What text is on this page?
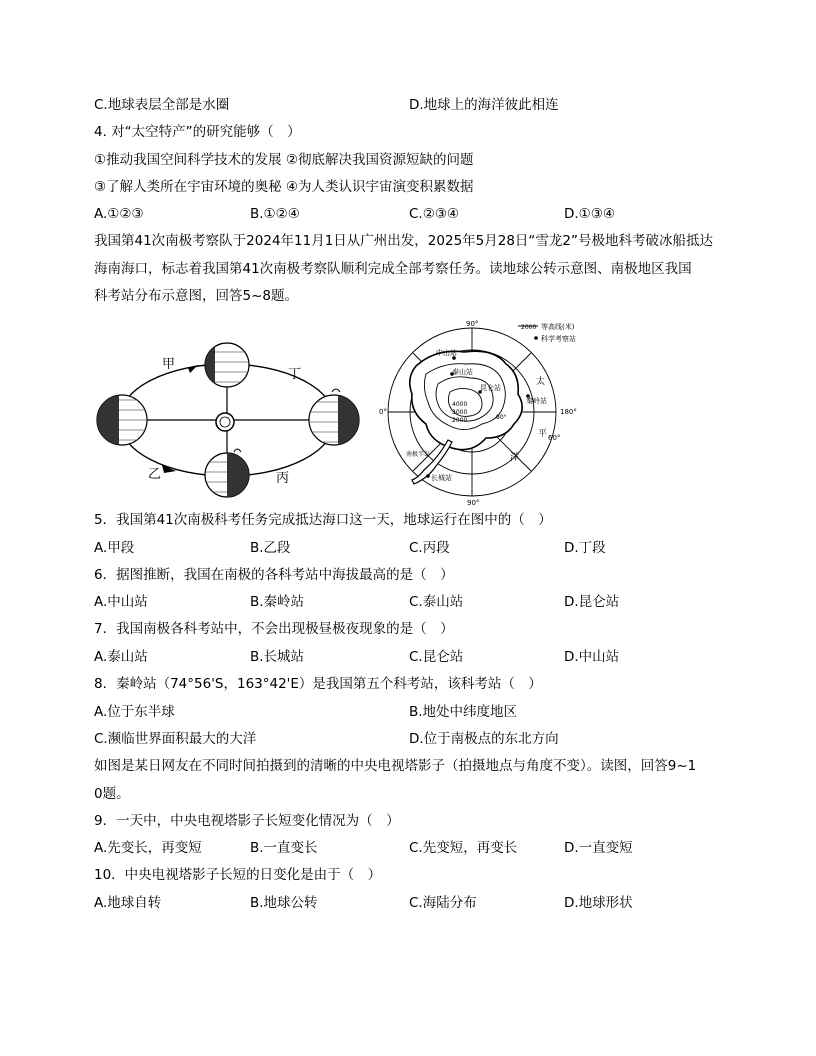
C.地球表层全部是水圈	D.地球上的海洋彼此相连
4. 对“太空特产”的研究能够（　）
①推动我国空间科学技术的发展 ②彻底解决我国资源短缺的问题
③了解人类所在宇宙环境的奥秘 ④为人类认识宇宙演变积累数据
A.①②③	B.①②④	C.②③④	D.①③④
我国第41次南极考察队于2024年11月1日从广州出发，2025年5月28日“雪龙2”号极地科考破冰船抵达
海南海口，标志着我国第41次南极考察队顺利完成全部考察任务。读地球公转示意图、南极地区我国
科考站分布示意图，回答5~8题。
甲
丁
乙	丙
2000 等高线(米)
科学考察站
90°
90°
0°	180°
60°
80°
4000
3000
2000
中山站
泰山站
昆仑站
秦岭站
长城站
南极半岛
太
平
洋
5．我国第41次南极科考任务完成抵达海口这一天，地球运行在图中的（　）
A.甲段	B.乙段	C.丙段	D.丁段
6．据图推断，我国在南极的各科考站中海拔最高的是（　）
A.中山站	B.秦岭站	C.泰山站	D.昆仑站
7．我国南极各科考站中，不会出现极昼极夜现象的是（　）
A.泰山站	B.长城站	C.昆仑站	D.中山站
8．秦岭站（74°56'S，163°42'E）是我国第五个科考站，该科考站（　）
A.位于东半球	B.地处中纬度地区
C.濒临世界面积最大的大洋	D.位于南极点的东北方向
如图是某日网友在不同时间拍摄到的清晰的中央电视塔影子（拍摄地点与角度不变）。读图，回答9~1
0题。
9．一天中，中央电视塔影子长短变化情况为（　）
A.先变长，再变短	B.一直变长	C.先变短，再变长	D.一直变短
10．中央电视塔影子长短的日变化是由于（　）
A.地球自转	B.地球公转	C.海陆分布	D.地球形状
